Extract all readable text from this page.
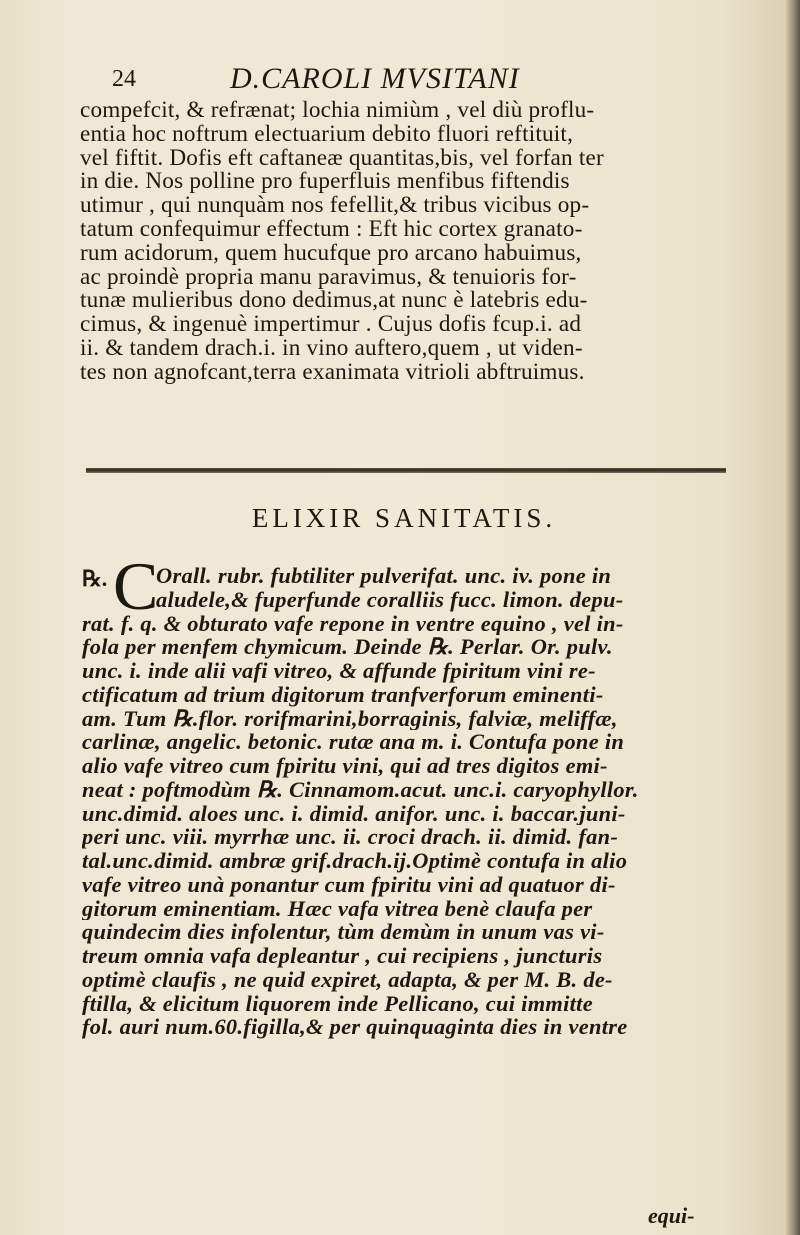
24	D.CAROLI MVSITANI
compefcit, & refrænat; lochia nimiùm , vel diù proflu-
entia hoc noftrum electuarium debito fluori reftituit,
vel fiftit. Dofis eft caftaneæ quantitas,bis, vel forfan ter
in die. Nos polline pro fuperfluis menfibus fiftendis
utimur , qui nunquàm nos fefellit,& tribus vicibus op-
tatum confequimur effectum : Eft hic cortex granato-
rum acidorum, quem hucufque pro arcano habuimus,
ac proindè propria manu paravimus, & tenuioris for-
tunæ mulieribus dono dedimus,at nunc è latebris edu-
cimus, & ingenuè impertimur . Cujus dofis fcup.i. ad
ii. & tandem drach.i. in vino auftero,quem , ut viden-
tes non agnofcant,terra exanimata vitrioli abftruimus.
ELIXIR SANITATIS.
℞. C
Orall. rubr. fubtiliter pulverifat. unc. iv. pone in
aludele,& fuperfunde coralliis fucc. limon. depu-
rat. f. q. & obturato vafe repone in ventre equino , vel in-
folа per menfem chymicum. Deinde ℞. Perlar. Or. pulv.
unc. i. inde alii vafi vitreo, & affunde fpiritum vini re-
ctificatum ad trium digitorum tranfverforum eminenti-
am. Tum ℞.flor. rorifmarini,borraginis, falviæ, meliffæ,
carlinæ, angelic. betonic. rutæ ana m. i. Contufa pone in
alio vafe vitreo cum fpiritu vini, qui ad tres digitos emi-
neat : poftmodùm ℞. Cinnamom.acut. unc.i. caryophyllor.
unc.dimid. aloes unc. i. dimid. anifor. unc. i. baccar.juni-
peri unc. viii. myrrhæ unc. ii. croci drach. ii. dimid. fan-
tal.unc.dimid. ambræ grif.drach.ij.Optimè contufa in alio
vafe vitreo unà ponantur cum fpiritu vini ad quatuor di-
gitorum eminentiam. Hæc vafa vitrea benè claufa per
quindecim dies infolentur, tùm demùm in unum vas vi-
treum omnia vafa deplеantur , cui recipiens , juncturis
optimè claufis , ne quid expiret, adapta, & per M. B. de-
ftilla, & elicitum liquorem inde Pellicano, cui immitte
fol. auri num.60.figilla,& per quinquaginta dies in ventre
equi-
